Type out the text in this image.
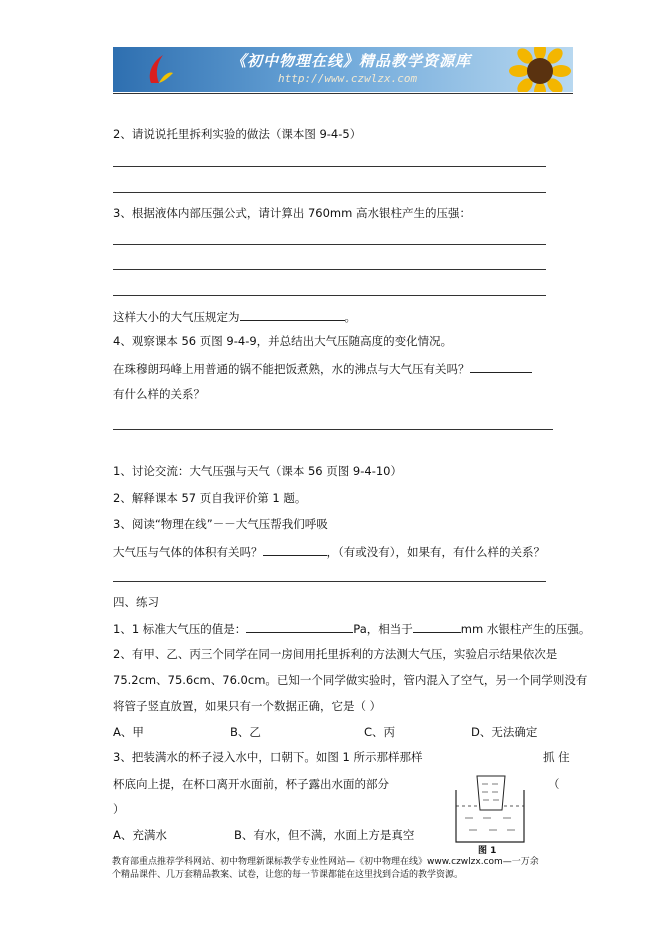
《初中物理在线》精品教学资源库
http://www.czwlzx.com
2、请说说托里拆利实验的做法（课本图 9-4-5）
3、根据液体内部压强公式，请计算出 760mm 高水银柱产生的压强：
这样大小的大气压规定为	。
4、观察课本 56 页图 9-4-9，并总结出大气压随高度的变化情况。
在珠穆朗玛峰上用普通的锅不能把饭煮熟，水的沸点与大气压有关吗？
有什么样的关系？
1、讨论交流：大气压强与天气（课本 56 页图 9-4-10）
2、解释课本 57 页自我评价第 1 题。
3、阅读“物理在线”－－大气压帮我们呼吸
大气压与气体的体积有关吗？	，（有或没有），如果有，有什么样的关系？
四、练习
1、1 标准大气压的值是：	Pa，相当于	mm 水银柱产生的压强。
2、有甲、乙、丙三个同学在同一房间用托里拆利的方法测大气压，实验启示结果依次是
75.2cm、75.6cm、76.0cm。已知一个同学做实验时，管内混入了空气，另一个同学则没有
将管子竖直放置，如果只有一个数据正确，它是（ ）
A、甲	B、乙	C、丙	D、无法确定
3、把装满水的杯子浸入水中，口朝下。如图 1 所示那样那样	抓 住
杯底向上提，在杯口离开水面前，杯子露出水面的部分	（
）
A、充满水	B、有水，但不满，水面上方是真空
图 1
教育部重点推荐学科网站、初中物理新课标教学专业性网站—《初中物理在线》www.czwlzx.com—一万余
个精品课件、几万套精品教案、试卷，让您的每一节课都能在这里找到合适的教学资源。
